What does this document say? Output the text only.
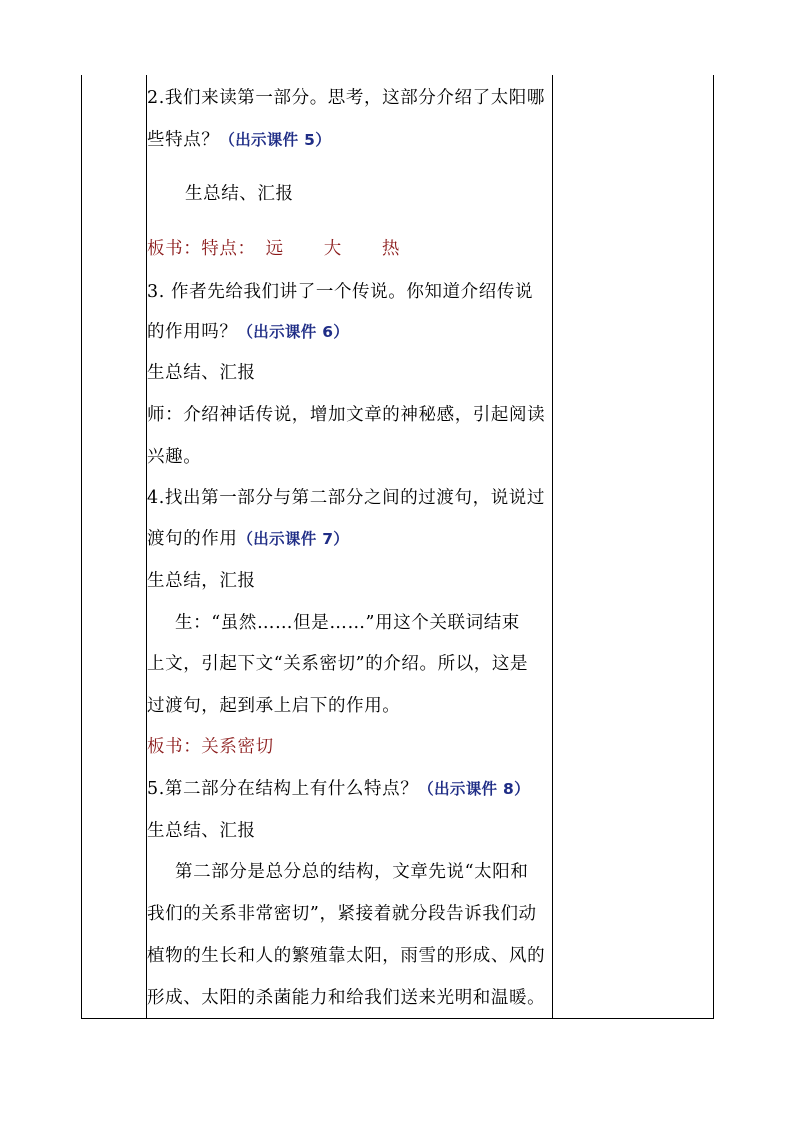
2.我们来读第一部分。思考，这部分介绍了太阳哪
些特点？（出示课件 5）
生总结、汇报
板书：特点： 远 大 热
3. 作者先给我们讲了一个传说。你知道介绍传说
的作用吗？（出示课件 6）
生总结、汇报
师：介绍神话传说，增加文章的神秘感，引起阅读
兴趣。
4.找出第一部分与第二部分之间的过渡句，说说过
渡句的作用（出示课件 7）
生总结，汇报
生：“虽然……但是……”用这个关联词结束
上文，引起下文“关系密切”的介绍。所以，这是
过渡句，起到承上启下的作用。
板书：关系密切
5.第二部分在结构上有什么特点？（出示课件 8）
生总结、汇报
第二部分是总分总的结构，文章先说“太阳和
我们的关系非常密切”，紧接着就分段告诉我们动
植物的生长和人的繁殖靠太阳，雨雪的形成、风的
形成、太阳的杀菌能力和给我们送来光明和温暖。
